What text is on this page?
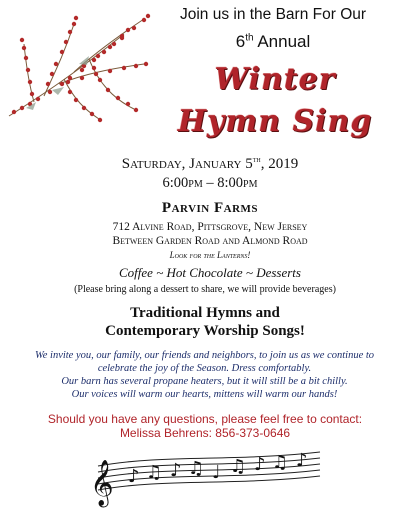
Join us in the Barn For Our
6th Annual
Winter
Hymn Sing
Saturday, January 5th, 2019
6:00pm – 8:00pm
Parvin Farms
712 Alvine Road, Pittsgrove, New Jersey
Between Garden Road and Almond Road
Look for the Lanterns!
Coffee ~ Hot Chocolate ~ Desserts
(Please bring along a dessert to share, we will provide beverages)
Traditional Hymns and
Contemporary Worship Songs!
We invite you, our family, our friends and neighbors, to join us as we continue to
celebrate the joy of the Season. Dress comfortably.
Our barn has several propane heaters, but it will still be a bit chilly.
Our voices will warm our hearts, mittens will warm our hands!
Should you have any questions, please feel free to contact:
Melissa Behrens: 856-373-0646
𝄞 ♪ ♫ ♪ ♫ ♩ ♫ ♪ ♫ ♪
